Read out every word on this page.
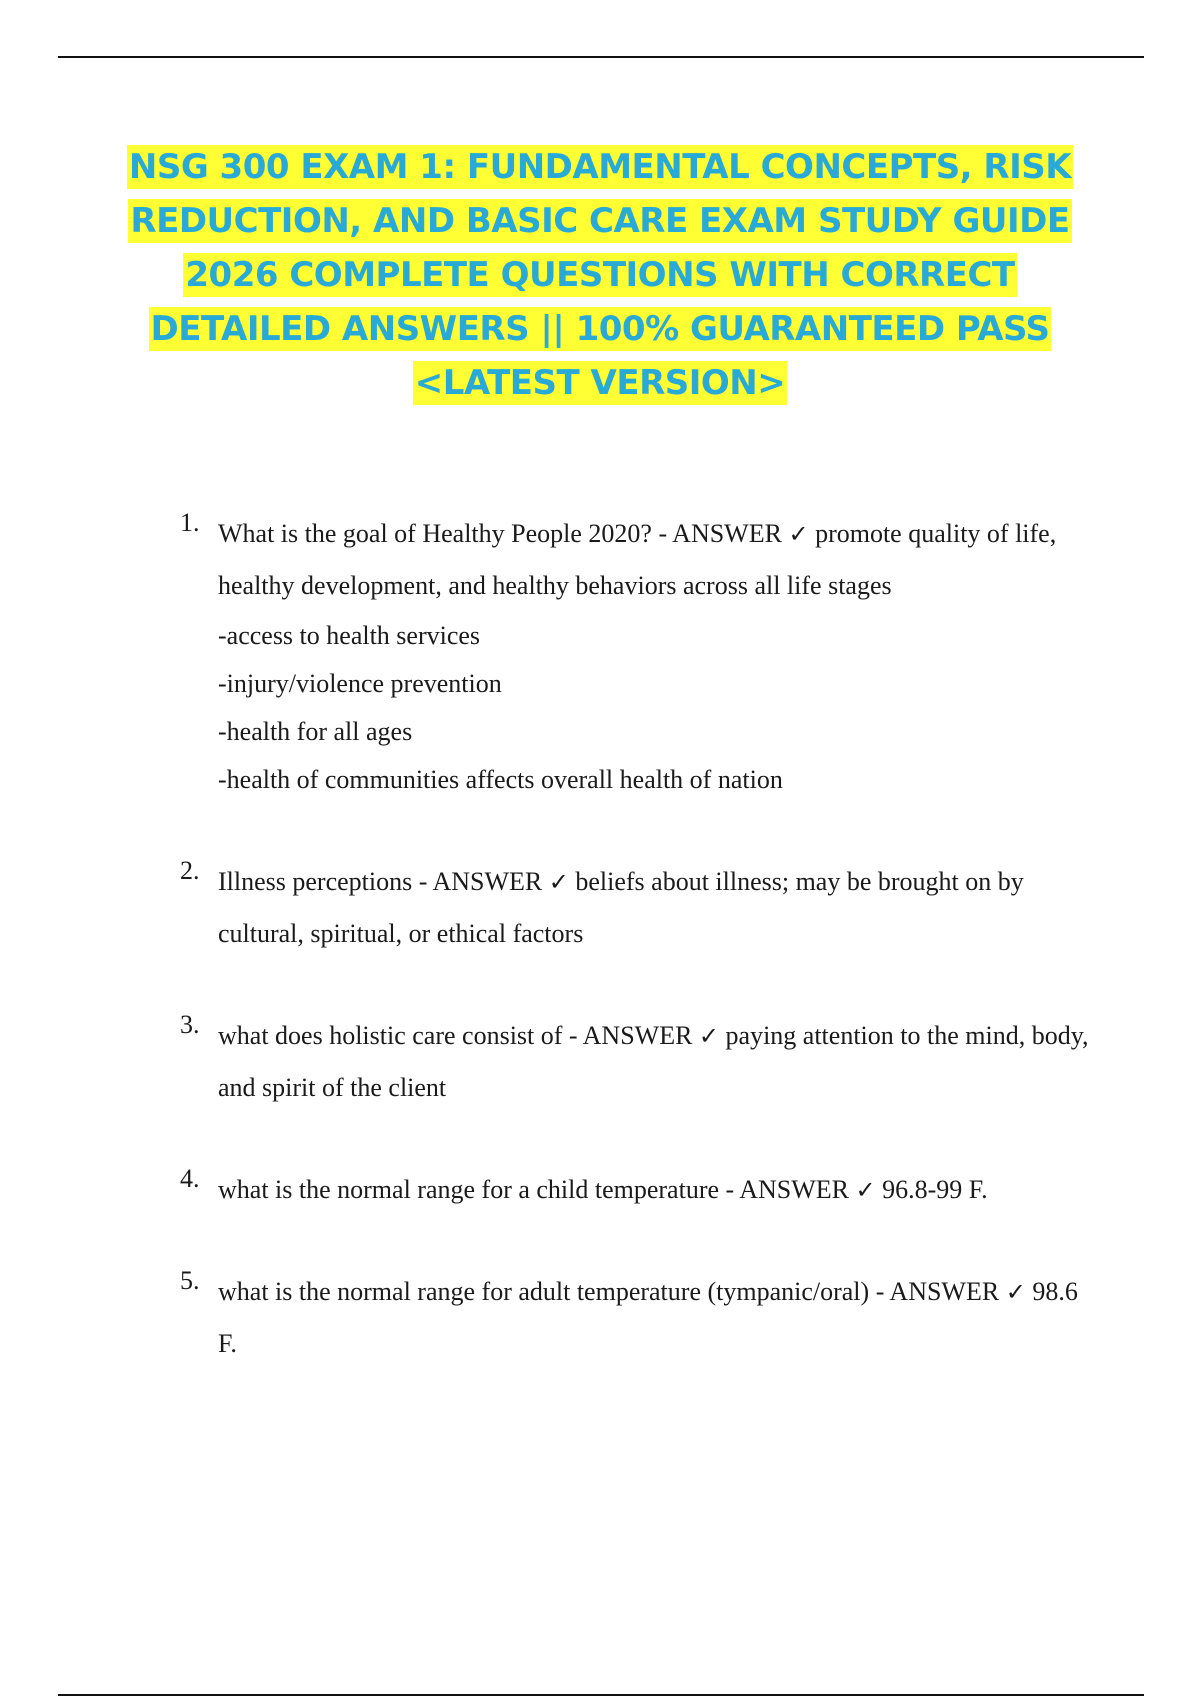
NSG 300 EXAM 1: FUNDAMENTAL CONCEPTS, RISK REDUCTION, AND BASIC CARE EXAM STUDY GUIDE 2026 COMPLETE QUESTIONS WITH CORRECT DETAILED ANSWERS || 100% GUARANTEED PASS <LATEST VERSION>
1. What is the goal of Healthy People 2020? - ANSWER ✓ promote quality of life, healthy development, and healthy behaviors across all life stages
-access to health services
-injury/violence prevention
-health for all ages
-health of communities affects overall health of nation
2. Illness perceptions - ANSWER ✓ beliefs about illness; may be brought on by cultural, spiritual, or ethical factors
3. what does holistic care consist of - ANSWER ✓ paying attention to the mind, body, and spirit of the client
4. what is the normal range for a child temperature - ANSWER ✓ 96.8-99 F.
5. what is the normal range for adult temperature (tympanic/oral) - ANSWER ✓ 98.6 F.
